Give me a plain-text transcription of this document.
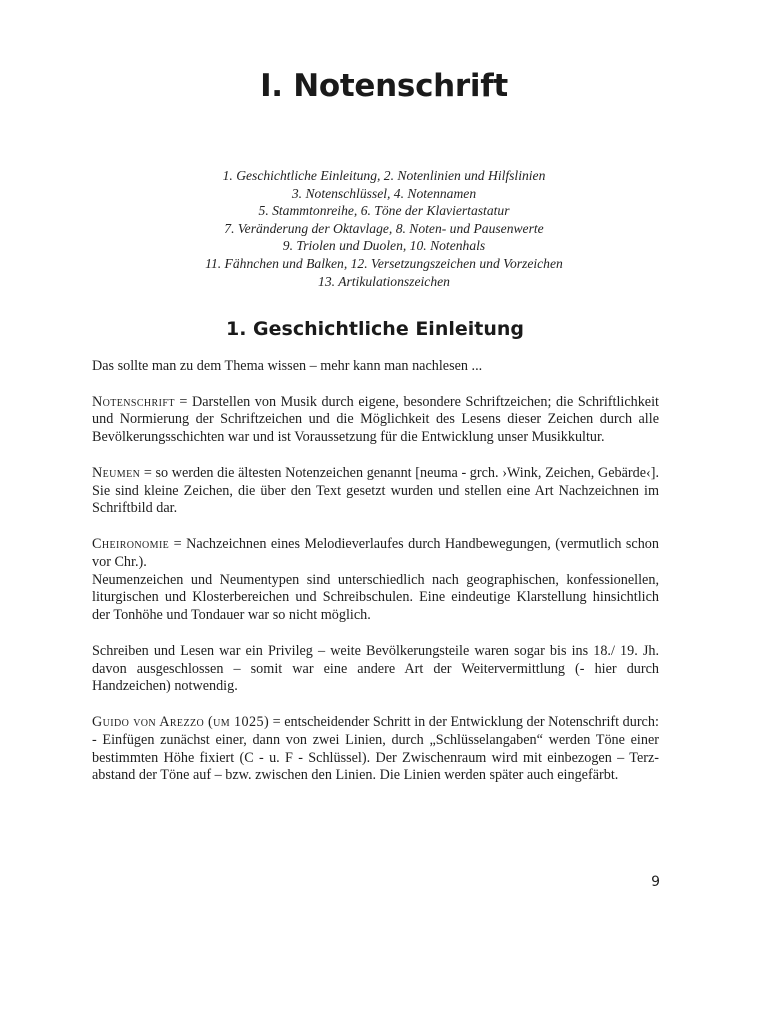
I. Notenschrift
1. Geschichtliche Einleitung, 2. Notenlinien und Hilfslinien
3. Notenschlüssel, 4. Notennamen
5. Stammtonreihe, 6. Töne der Klaviertastatur
7. Veränderung der Oktavlage, 8. Noten- und Pausenwerte
9. Triolen und Duolen, 10. Notenhals
11. Fähnchen und Balken, 12. Versetzungszeichen und Vorzeichen
13. Artikulationszeichen
1. Geschichtliche Einleitung

Das sollte man zu dem Thema wissen – mehr kann man nachlesen ...

Notenschrift = Darstellen von Musik durch eigene, besondere Schriftzeichen; die Schriftlichkeit und Normierung der Schriftzeichen und die Möglichkeit des Lesens dieser Zeichen durch alle Bevölkerungsschichten war und ist Voraussetzung für die Entwicklung unser Musikkultur.

Neumen = so werden die ältesten Notenzeichen genannt [neuma - grch. ›Wink, Zeichen, Gebärde‹]. Sie sind kleine Zeichen, die über den Text gesetzt wurden und stellen eine Art Nachzeichnen im Schriftbild dar.

Cheironomie = Nachzeichnen eines Melodieverlaufes durch Handbewegungen, (vermutlich schon vor Chr.).
Neumenzeichen und Neumentypen sind unterschiedlich nach geographischen, konfessionellen, liturgischen und Klosterbereichen und Schreibschulen. Eine eindeutige Klarstellung hinsichtlich der Tonhöhe und Tondauer war so nicht möglich.

Schreiben und Lesen war ein Privileg – weite Bevölkerungsteile waren sogar bis ins 18./ 19. Jh. davon ausgeschlossen – somit war eine andere Art der Weitervermittlung (- hier durch Handzeichen) notwendig.

Guido von Arezzo (um 1025) = entscheidender Schritt in der Entwicklung der Notenschrift durch:
- Einfügen zunächst einer, dann von zwei Linien, durch „Schlüsselangaben“ werden Töne einer bestimmten Höhe fixiert (C - u. F - Schlüssel). Der Zwischenraum wird mit einbezogen – Terzabstand der Töne auf – bzw. zwischen den Linien. Die Linien werden später auch eingefärbt.

9
